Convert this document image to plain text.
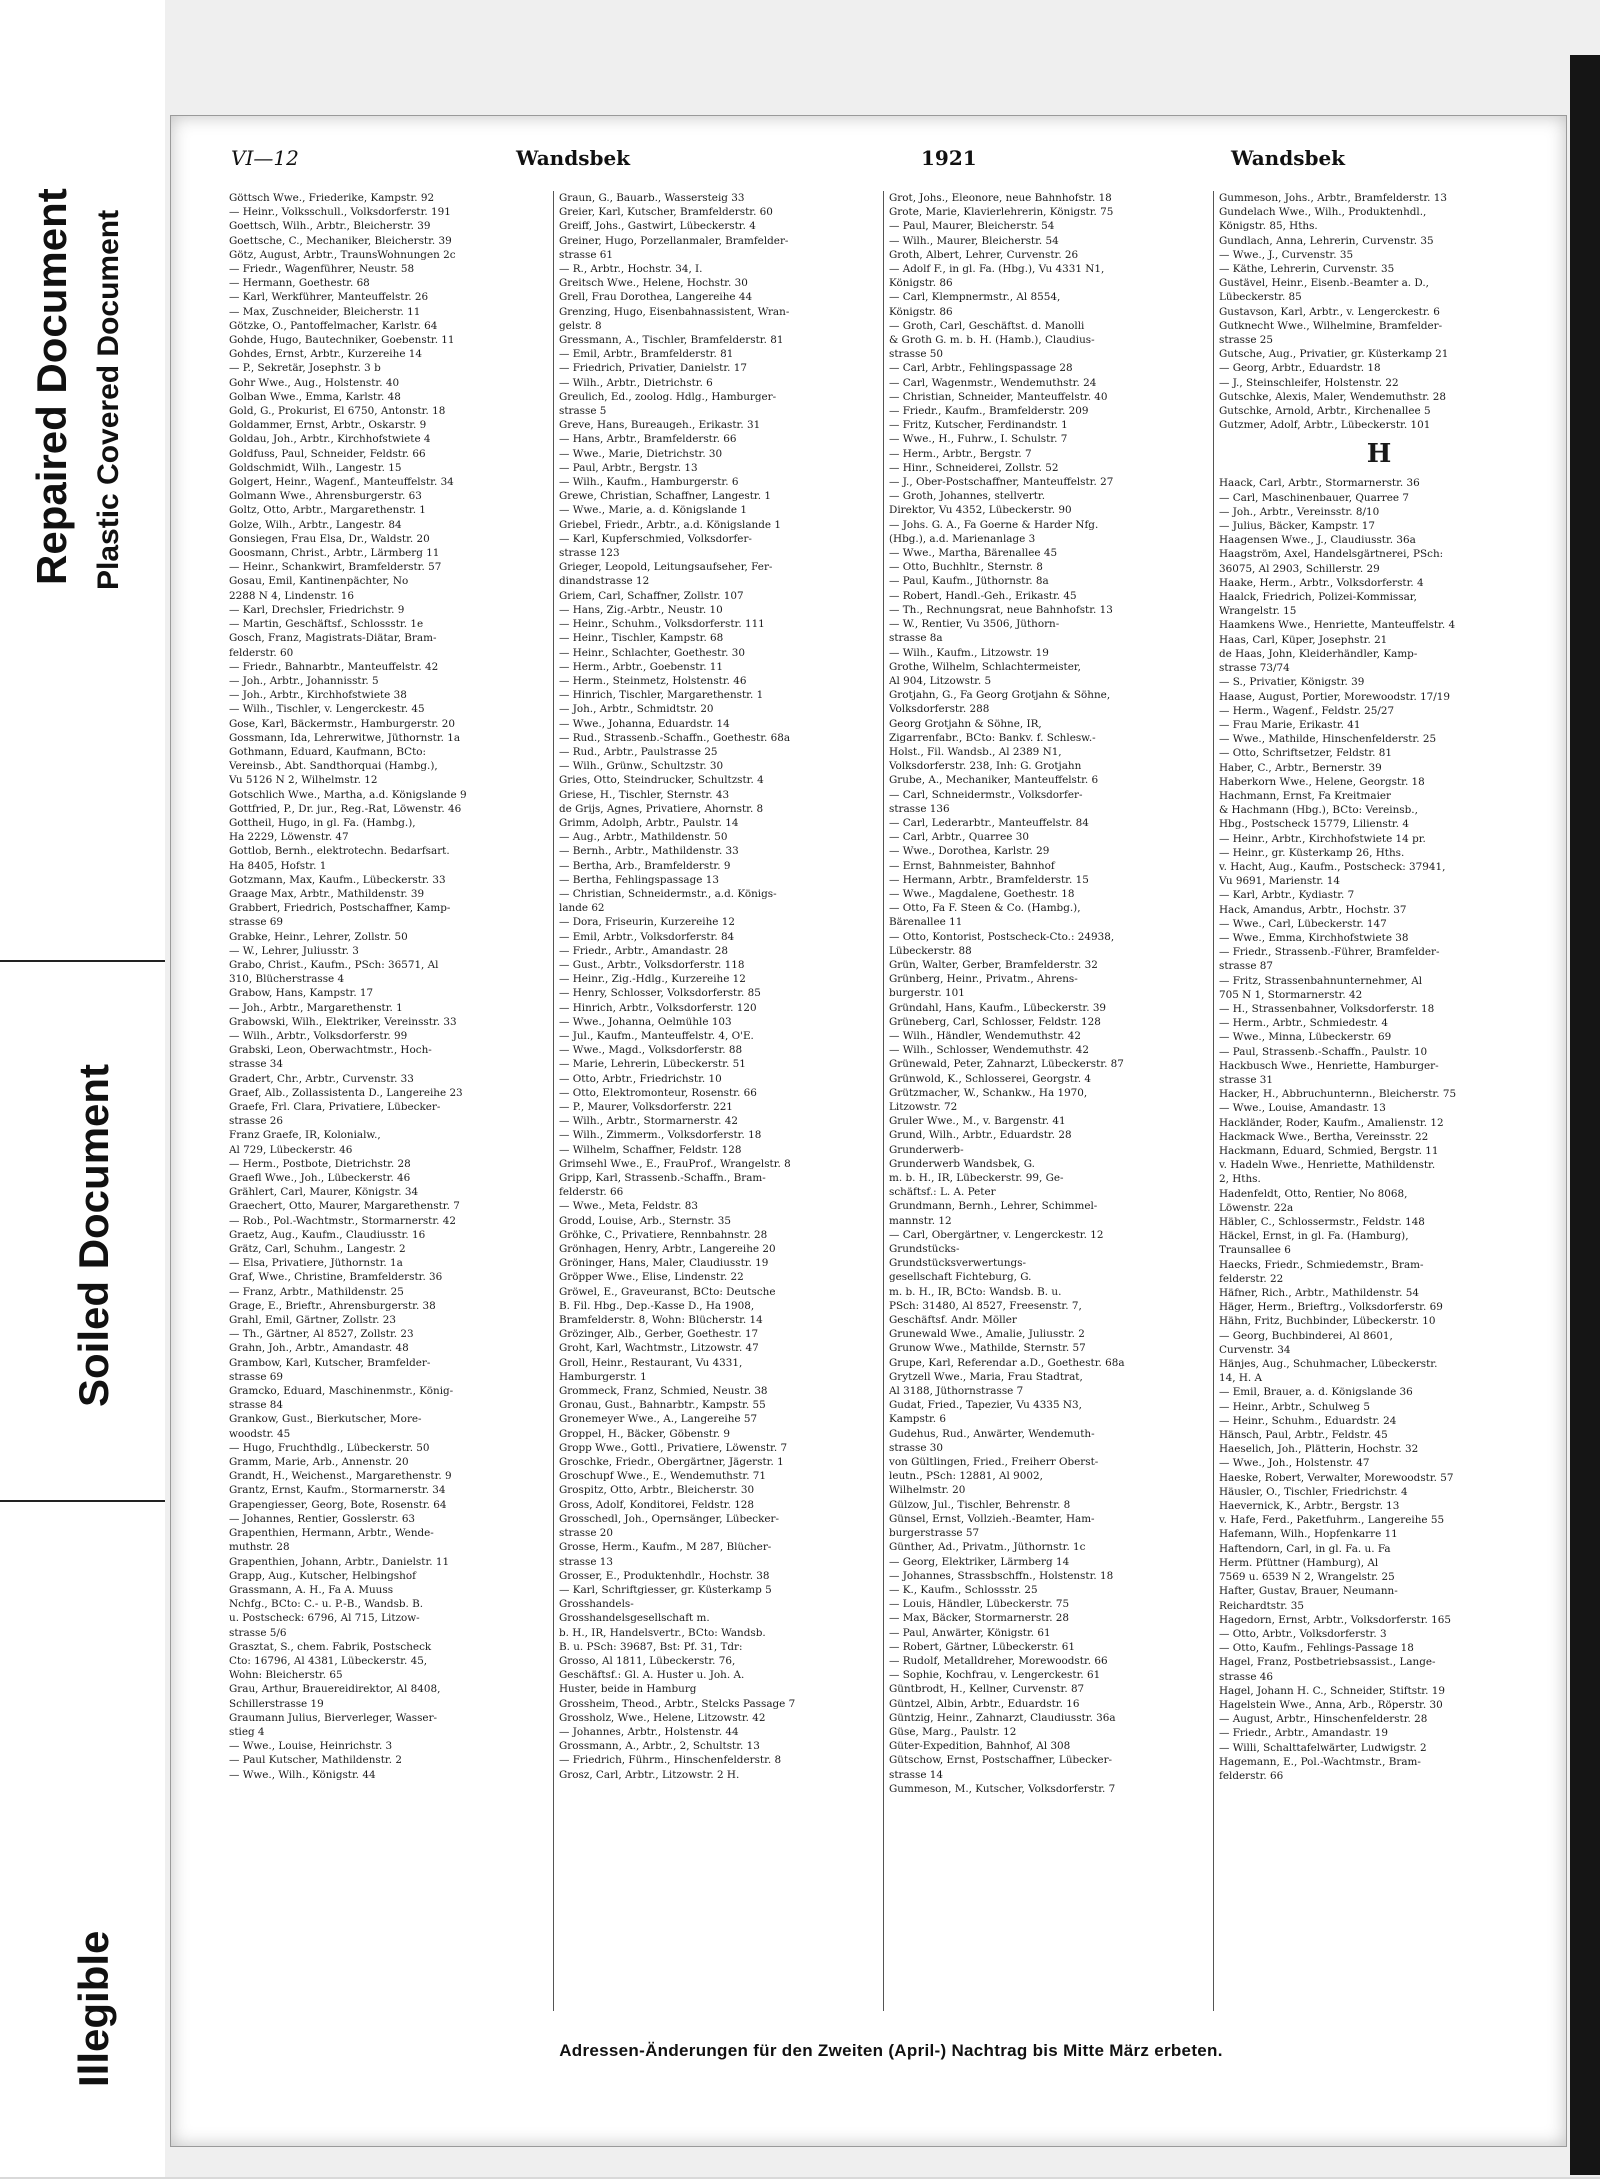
Illegible
Soiled Document
Repaired Document Plastic Covered Document
VI—12	Wandsbek	1921	Wandsbek
Göttsch Wwe., Friederike, Kampstr. 92
— Heinr., Volksschull., Volksdorferstr. 191
Goettsch, Wilh., Arbtr., Bleicherstr. 39
Goettsche, C., Mechaniker, Bleicherstr. 39
Götz, August, Arbtr., TraunsWohnungen 2c
— Friedr., Wagenführer, Neustr. 58
— Hermann, Goethestr. 68
— Karl, Werkführer, Manteuffelstr. 26
— Max, Zuschneider, Bleicherstr. 11
Götzke, O., Pantoffelmacher, Karlstr. 64
Gohde, Hugo, Bautechniker, Goebenstr. 11
Gohdes, Ernst, Arbtr., Kurzereihe 14
— P., Sekretär, Josephstr. 3 b
Gohr Wwe., Aug., Holstenstr. 40
Golban Wwe., Emma, Karlstr. 48
Gold, G., Prokurist, El 6750, Antonstr. 18
Goldammer, Ernst, Arbtr., Oskarstr. 9
Goldau, Joh., Arbtr., Kirchhofstwiete 4
Goldfuss, Paul, Schneider, Feldstr. 66
Goldschmidt, Wilh., Langestr. 15
Golgert, Heinr., Wagenf., Manteuffelstr. 34
Golmann Wwe., Ahrensburgerstr. 63
Goltz, Otto, Arbtr., Margarethenstr. 1
Golze, Wilh., Arbtr., Langestr. 84
Gonsiegen, Frau Elsa, Dr., Waldstr. 20
Goosmann, Christ., Arbtr., Lärmberg 11
— Heinr., Schankwirt, Bramfelderstr. 57
Gosau, Emil, Kantinenpächter, No
2288 N 4, Lindenstr. 16
— Karl, Drechsler, Friedrichstr. 9
— Martin, Geschäftsf., Schlossstr. 1e
Gosch, Franz, Magistrats-Diätar, Bram-
felderstr. 60
— Friedr., Bahnarbtr., Manteuffelstr. 42
— Joh., Arbtr., Johannisstr. 5
— Joh., Arbtr., Kirchhofstwiete 38
— Wilh., Tischler, v. Lengerckestr. 45
Gose, Karl, Bäckermstr., Hamburgerstr. 20
Gossmann, Ida, Lehrerwitwe, Jüthornstr. 1a
Gothmann, Eduard, Kaufmann, BCto:
Vereinsb., Abt. Sandthorquai (Hambg.),
Vu 5126 N 2, Wilhelmstr. 12
Gotschlich Wwe., Martha, a.d. Königslande 9
Gottfried, P., Dr. jur., Reg.-Rat, Löwenstr. 46
Gottheil, Hugo, in gl. Fa. (Hambg.),
Ha 2229, Löwenstr. 47
Gottlob, Bernh., elektrotechn. Bedarfsart.
Ha 8405, Hofstr. 1
Gotzmann, Max, Kaufm., Lübeckerstr. 33
Graage Max, Arbtr., Mathildenstr. 39
Grabbert, Friedrich, Postschaffner, Kamp-
strasse 69
Grabke, Heinr., Lehrer, Zollstr. 50
— W., Lehrer, Juliusstr. 3
Grabo, Christ., Kaufm., PSch: 36571, Al
310, Blücherstrasse 4
Grabow, Hans, Kampstr. 17
— Joh., Arbtr., Margarethenstr. 1
Grabowski, Wilh., Elektriker, Vereinsstr. 33
— Wilh., Arbtr., Volksdorferstr. 99
Grabski, Leon, Oberwachtmstr., Hoch-
strasse 34
Gradert, Chr., Arbtr., Curvenstr. 33
Graef, Alb., Zollassistenta D., Langereihe 23
Graefe, Frl. Clara, Privatiere, Lübecker-
strasse 26
Franz Graefe, IR, Kolonialw.,
Al 729, Lübeckerstr. 46
— Herm., Postbote, Dietrichstr. 28
Graefl Wwe., Joh., Lübeckerstr. 46
Grählert, Carl, Maurer, Königstr. 34
Graechert, Otto, Maurer, Margarethenstr. 7
— Rob., Pol.-Wachtmstr., Stormarnerstr. 42
Graetz, Aug., Kaufm., Claudiusstr. 16
Grätz, Carl, Schuhm., Langestr. 2
— Elsa, Privatiere, Jüthornstr. 1a
Graf, Wwe., Christine, Bramfelderstr. 36
— Franz, Arbtr., Mathildenstr. 25
Grage, E., Brieftr., Ahrensburgerstr. 38
Grahl, Emil, Gärtner, Zollstr. 23
— Th., Gärtner, Al 8527, Zollstr. 23
Grahn, Joh., Arbtr., Amandastr. 48
Grambow, Karl, Kutscher, Bramfelder-
strasse 69
Gramcko, Eduard, Maschinenmstr., König-
strasse 84
Grankow, Gust., Bierkutscher, More-
woodstr. 45
— Hugo, Fruchthdlg., Lübeckerstr. 50
Gramm, Marie, Arb., Annenstr. 20
Grandt, H., Weichenst., Margarethenstr. 9
Grantz, Ernst, Kaufm., Stormarnerstr. 34
Grapengiesser, Georg, Bote, Rosenstr. 64
— Johannes, Rentier, Gosslerstr. 63
Grapenthien, Hermann, Arbtr., Wende-
muthstr. 28
Grapenthien, Johann, Arbtr., Danielstr. 11
Grapp, Aug., Kutscher, Helbingshof
Grassmann, A. H., Fa A. Muuss
Nchfg., BCto: C.- u. P.-B., Wandsb. B.
u. Postscheck: 6796, Al 715, Litzow-
strasse 5/6
Grasztat, S., chem. Fabrik, Postscheck
Cto: 16796, Al 4381, Lübeckerstr. 45,
Wohn: Bleicherstr. 65
Grau, Arthur, Brauereidirektor, Al 8408,
Schillerstrasse 19
Graumann Julius, Bierverleger, Wasser-
stieg 4
— Wwe., Louise, Heinrichstr. 3
— Paul Kutscher, Mathildenstr. 2
— Wwe., Wilh., Königstr. 44
Graun, G., Bauarb., Wassersteig 33
Greier, Karl, Kutscher, Bramfelderstr. 60
Greiff, Johs., Gastwirt, Lübeckerstr. 4
Greiner, Hugo, Porzellanmaler, Bramfelder-
strasse 61
— R., Arbtr., Hochstr. 34, I.
Greitsch Wwe., Helene, Hochstr. 30
Grell, Frau Dorothea, Langereihe 44
Grenzing, Hugo, Eisenbahnassistent, Wran-
gelstr. 8
Gressmann, A., Tischler, Bramfelderstr. 81
— Emil, Arbtr., Bramfelderstr. 81
— Friedrich, Privatier, Danielstr. 17
— Wilh., Arbtr., Dietrichstr. 6
Greulich, Ed., zoolog. Hdlg., Hamburger-
strasse 5
Greve, Hans, Bureaugeh., Erikastr. 31
— Hans, Arbtr., Bramfelderstr. 66
— Wwe., Marie, Dietrichstr. 30
— Paul, Arbtr., Bergstr. 13
— Wilh., Kaufm., Hamburgerstr. 6
Grewe, Christian, Schaffner, Langestr. 1
— Wwe., Marie, a. d. Königslande 1
Griebel, Friedr., Arbtr., a.d. Königslande 1
— Karl, Kupferschmied, Volksdorfer-
strasse 123
Grieger, Leopold, Leitungsaufseher, Fer-
dinandstrasse 12
Griem, Carl, Schaffner, Zollstr. 107
— Hans, Zig.-Arbtr., Neustr. 10
— Heinr., Schuhm., Volksdorferstr. 111
— Heinr., Tischler, Kampstr. 68
— Heinr., Schlachter, Goethestr. 30
— Herm., Arbtr., Goebenstr. 11
— Herm., Steinmetz, Holstenstr. 46
— Hinrich, Tischler, Margarethenstr. 1
— Joh., Arbtr., Schmidtstr. 20
— Wwe., Johanna, Eduardstr. 14
— Rud., Strassenb.-Schaffn., Goethestr. 68a
— Rud., Arbtr., Paulstrasse 25
— Wilh., Grünw., Schultzstr. 30
Gries, Otto, Steindrucker, Schultzstr. 4
Griese, H., Tischler, Sternstr. 43
de Grijs, Agnes, Privatiere, Ahornstr. 8
Grimm, Adolph, Arbtr., Paulstr. 14
— Aug., Arbtr., Mathildenstr. 50
— Bernh., Arbtr., Mathildenstr. 33
— Bertha, Arb., Bramfelderstr. 9
— Bertha, Fehlingspassage 13
— Christian, Schneidermstr., a.d. Königs-
lande 62
— Dora, Friseurin, Kurzereihe 12
— Emil, Arbtr., Volksdorferstr. 84
— Friedr., Arbtr., Amandastr. 28
— Gust., Arbtr., Volksdorferstr. 118
— Heinr., Zig.-Hdlg., Kurzereihe 12
— Henry, Schlosser, Volksdorferstr. 85
— Hinrich, Arbtr., Volksdorferstr. 120
— Wwe., Johanna, Oelmühle 103
— Jul., Kaufm., Manteuffelstr. 4, O'E.
— Wwe., Magd., Volksdorferstr. 88
— Marie, Lehrerin, Lübeckerstr. 51
— Otto, Arbtr., Friedrichstr. 10
— Otto, Elektromonteur, Rosenstr. 66
— P., Maurer, Volksdorferstr. 221
— Wilh., Arbtr., Stormarnerstr. 42
— Wilh., Zimmerm., Volksdorferstr. 18
— Wilhelm, Schaffner, Feldstr. 128
Grimsehl Wwe., E., FrauProf., Wrangelstr. 8
Gripp, Karl, Strassenb.-Schaffn., Bram-
felderstr. 66
— Wwe., Meta, Feldstr. 83
Grodd, Louise, Arb., Sternstr. 35
Gröhke, C., Privatiere, Rennbahnstr. 28
Grönhagen, Henry, Arbtr., Langereihe 20
Gröninger, Hans, Maler, Claudiusstr. 19
Gröpper Wwe., Elise, Lindenstr. 22
Gröwel, E., Graveuranst, BCto: Deutsche
B. Fil. Hbg., Dep.-Kasse D., Ha 1908,
Bramfelderstr. 8, Wohn: Blücherstr. 14
Grözinger, Alb., Gerber, Goethestr. 17
Groht, Karl, Wachtmstr., Litzowstr. 47
Groll, Heinr., Restaurant, Vu 4331,
Hamburgerstr. 1
Grommeck, Franz, Schmied, Neustr. 38
Gronau, Gust., Bahnarbtr., Kampstr. 55
Gronemeyer Wwe., A., Langereihe 57
Groppel, H., Bäcker, Göbenstr. 9
Gropp Wwe., Gottl., Privatiere, Löwenstr. 7
Groschke, Friedr., Obergärtner, Jägerstr. 1
Groschupf Wwe., E., Wendemuthstr. 71
Grospitz, Otto, Arbtr., Bleicherstr. 30
Gross, Adolf, Konditorei, Feldstr. 128
Grosschedl, Joh., Opernsänger, Lübecker-
strasse 20
Grosse, Herm., Kaufm., M 287, Blücher-
strasse 13
Grosser, E., Produktenhdlr., Hochstr. 38
— Karl, Schriftgiesser, gr. Küsterkamp 5
Grosshandels-
Grosshandelsgesellschaft m.
b. H., IR, Handelsvertr., BCto: Wandsb.
B. u. PSch: 39687, Bst: Pf. 31, Tdr:
Grosso, Al 1811, Lübeckerstr. 76,
Geschäftsf.: Gl. A. Huster u. Joh. A.
Huster, beide in Hamburg
Grossheim, Theod., Arbtr., Stelcks Passage 7
Grossholz, Wwe., Helene, Litzowstr. 42
— Johannes, Arbtr., Holstenstr. 44
Grossmann, A., Arbtr., 2, Schultstr. 13
— Friedrich, Führm., Hinschenfelderstr. 8
Grosz, Carl, Arbtr., Litzowstr. 2 H.
Grot, Johs., Eleonore, neue Bahnhofstr. 18
Grote, Marie, Klavierlehrerin, Königstr. 75
— Paul, Maurer, Bleicherstr. 54
— Wilh., Maurer, Bleicherstr. 54
Groth, Albert, Lehrer, Curvenstr. 26
— Adolf F., in gl. Fa. (Hbg.), Vu 4331 N1,
Königstr. 86
— Carl, Klempnermstr., Al 8554,
Königstr. 86
— Groth, Carl, Geschäftst. d. Manolli
& Groth G. m. b. H. (Hamb.), Claudius-
strasse 50
— Carl, Arbtr., Fehlingspassage 28
— Carl, Wagenmstr., Wendemuthstr. 24
— Christian, Schneider, Manteuffelstr. 40
— Friedr., Kaufm., Bramfelderstr. 209
— Fritz, Kutscher, Ferdinandstr. 1
— Wwe., H., Fuhrw., I. Schulstr. 7
— Herm., Arbtr., Bergstr. 7
— Hinr., Schneiderei, Zollstr. 52
— J., Ober-Postschaffner, Manteuffelstr. 27
— Groth, Johannes, stellvertr.
Direktor, Vu 4352, Lübeckerstr. 90
— Johs. G. A., Fa Goerne & Harder Nfg.
(Hbg.), a.d. Marienanlage 3
— Wwe., Martha, Bärenallee 45
— Otto, Buchhltr., Sternstr. 8
— Paul, Kaufm., Jüthornstr. 8a
— Robert, Handl.-Geh., Erikastr. 45
— Th., Rechnungsrat, neue Bahnhofstr. 13
— W., Rentier, Vu 3506, Jüthorn-
strasse 8a
— Wilh., Kaufm., Litzowstr. 19
Grothe, Wilhelm, Schlachtermeister,
Al 904, Litzowstr. 5
Grotjahn, G., Fa Georg Grotjahn & Söhne,
Volksdorferstr. 288
Georg Grotjahn & Söhne, IR,
Zigarrenfabr., BCto: Bankv. f. Schlesw.-
Holst., Fil. Wandsb., Al 2389 N1,
Volksdorferstr. 238, Inh: G. Grotjahn
Grube, A., Mechaniker, Manteuffelstr. 6
— Carl, Schneidermstr., Volksdorfer-
strasse 136
— Carl, Lederarbtr., Manteuffelstr. 84
— Carl, Arbtr., Quarree 30
— Wwe., Dorothea, Karlstr. 29
— Ernst, Bahnmeister, Bahnhof
— Hermann, Arbtr., Bramfelderstr. 15
— Wwe., Magdalene, Goethestr. 18
— Otto, Fa F. Steen & Co. (Hambg.),
Bärenallee 11
— Otto, Kontorist, Postscheck-Cto.: 24938,
Lübeckerstr. 88
Grün, Walter, Gerber, Bramfelderstr. 32
Grünberg, Heinr., Privatm., Ahrens-
burgerstr. 101
Gründahl, Hans, Kaufm., Lübeckerstr. 39
Grüneberg, Carl, Schlosser, Feldstr. 128
— Wilh., Händler, Wendemuthstr. 42
— Wilh., Schlosser, Wendemuthstr. 42
Grünewald, Peter, Zahnarzt, Lübeckerstr. 87
Grünwold, K., Schlosserei, Georgstr. 4
Grützmacher, W., Schankw., Ha 1970,
Litzowstr. 72
Gruler Wwe., M., v. Bargenstr. 41
Grund, Wilh., Arbtr., Eduardstr. 28
Grunderwerb-
Grunderwerb Wandsbek, G.
m. b. H., IR, Lübeckerstr. 99, Ge-
schäftsf.: L. A. Peter
Grundmann, Bernh., Lehrer, Schimmel-
mannstr. 12
— Carl, Obergärtner, v. Lengerckestr. 12
Grundstücks-
Grundstücksverwertungs-
gesellschaft Fichteburg, G.
m. b. H., IR, BCto: Wandsb. B. u.
PSch: 31480, Al 8527, Freesenstr. 7,
Geschäftsf. Andr. Möller
Grunewald Wwe., Amalie, Juliusstr. 2
Grunow Wwe., Mathilde, Sternstr. 57
Grupe, Karl, Referendar a.D., Goethestr. 68a
Grytzell Wwe., Maria, Frau Stadtrat,
Al 3188, Jüthornstrasse 7
Gudat, Fried., Tapezier, Vu 4335 N3,
Kampstr. 6
Gudehus, Rud., Anwärter, Wendemuth-
strasse 30
von Gültlingen, Fried., Freiherr Oberst-
leutn., PSch: 12881, Al 9002,
Wilhelmstr. 20
Gülzow, Jul., Tischler, Behrenstr. 8
Günsel, Ernst, Vollzieh.-Beamter, Ham-
burgerstrasse 57
Günther, Ad., Privatm., Jüthornstr. 1c
— Georg, Elektriker, Lärmberg 14
— Johannes, Strassbschffn., Holstenstr. 18
— K., Kaufm., Schlossstr. 25
— Louis, Händler, Lübeckerstr. 75
— Max, Bäcker, Stormarnerstr. 28
— Paul, Anwärter, Königstr. 61
— Robert, Gärtner, Lübeckerstr. 61
— Rudolf, Metalldreher, Morewoodstr. 66
— Sophie, Kochfrau, v. Lengerckestr. 61
Güntbrodt, H., Kellner, Curvenstr. 87
Güntzel, Albin, Arbtr., Eduardstr. 16
Güntzig, Heinr., Zahnarzt, Claudiusstr. 36a
Güse, Marg., Paulstr. 12
Güter-Expedition, Bahnhof, Al 308
Gütschow, Ernst, Postschaffner, Lübecker-
strasse 14
Gummeson, M., Kutscher, Volksdorferstr. 7
Gummeson, Johs., Arbtr., Bramfelderstr. 13
Gundelach Wwe., Wilh., Produktenhdl.,
Königstr. 85, Hths.
Gundlach, Anna, Lehrerin, Curvenstr. 35
— Wwe., J., Curvenstr. 35
— Käthe, Lehrerin, Curvenstr. 35
Gustävel, Heinr., Eisenb.-Beamter a. D.,
Lübeckerstr. 85
Gustavson, Karl, Arbtr., v. Lengerckestr. 6
Gutknecht Wwe., Wilhelmine, Bramfelder-
strasse 25
Gutsche, Aug., Privatier, gr. Küsterkamp 21
— Georg, Arbtr., Eduardstr. 18
— J., Steinschleifer, Holstenstr. 22
Gutschke, Alexis, Maler, Wendemuthstr. 28
Gutschke, Arnold, Arbtr., Kirchenallee 5
Gutzmer, Adolf, Arbtr., Lübeckerstr. 101
H
Haack, Carl, Arbtr., Stormarnerstr. 36
— Carl, Maschinenbauer, Quarree 7
— Joh., Arbtr., Vereinsstr. 8/10
— Julius, Bäcker, Kampstr. 17
Haagensen Wwe., J., Claudiusstr. 36a
Haagström, Axel, Handelsgärtnerei, PSch:
36075, Al 2903, Schillerstr. 29
Haake, Herm., Arbtr., Volksdorferstr. 4
Haalck, Friedrich, Polizei-Kommissar,
Wrangelstr. 15
Haamkens Wwe., Henriette, Manteuffelstr. 4
Haas, Carl, Küper, Josephstr. 21
de Haas, John, Kleiderhändler, Kamp-
strasse 73/74
— S., Privatier, Königstr. 39
Haase, August, Portier, Morewoodstr. 17/19
— Herm., Wagenf., Feldstr. 25/27
— Frau Marie, Erikastr. 41
— Wwe., Mathilde, Hinschenfelderstr. 25
— Otto, Schriftsetzer, Feldstr. 81
Haber, C., Arbtr., Bernerstr. 39
Haberkorn Wwe., Helene, Georgstr. 18
Hachmann, Ernst, Fa Kreitmaier
& Hachmann (Hbg.), BCto: Vereinsb.,
Hbg., Postscheck 15779, Lilienstr. 4
— Heinr., Arbtr., Kirchhofstwiete 14 pr.
— Heinr., gr. Küsterkamp 26, Hths.
v. Hacht, Aug., Kaufm., Postscheck: 37941,
Vu 9691, Marienstr. 14
— Karl, Arbtr., Kydiastr. 7
Hack, Amandus, Arbtr., Hochstr. 37
— Wwe., Carl, Lübeckerstr. 147
— Wwe., Emma, Kirchhofstwiete 38
— Friedr., Strassenb.-Führer, Bramfelder-
strasse 87
— Fritz, Strassenbahnunternehmer, Al
705 N 1, Stormarnerstr. 42
— H., Strassenbahner, Volksdorferstr. 18
— Herm., Arbtr., Schmiedestr. 4
— Wwe., Minna, Lübeckerstr. 69
— Paul, Strassenb.-Schaffn., Paulstr. 10
Hackbusch Wwe., Henriette, Hamburger-
strasse 31
Hacker, H., Abbruchunternn., Bleicherstr. 75
— Wwe., Louise, Amandastr. 13
Hackländer, Roder, Kaufm., Amalienstr. 12
Hackmack Wwe., Bertha, Vereinsstr. 22
Hackmann, Eduard, Schmied, Bergstr. 11
v. Hadeln Wwe., Henriette, Mathildenstr.
2, Hths.
Hadenfeldt, Otto, Rentier, No 8068,
Löwenstr. 22a
Häbler, C., Schlossermstr., Feldstr. 148
Häckel, Ernst, in gl. Fa. (Hamburg),
Traunsallee 6
Haecks, Friedr., Schmiedemstr., Bram-
felderstr. 22
Häfner, Rich., Arbtr., Mathildenstr. 54
Häger, Herm., Brieftrg., Volksdorferstr. 69
Hähn, Fritz, Buchbinder, Lübeckerstr. 10
— Georg, Buchbinderei, Al 8601,
Curvenstr. 34
Hänjes, Aug., Schuhmacher, Lübeckerstr.
14, H. A
— Emil, Brauer, a. d. Königslande 36
— Heinr., Arbtr., Schulweg 5
— Heinr., Schuhm., Eduardstr. 24
Hänsch, Paul, Arbtr., Feldstr. 45
Haeselich, Joh., Plätterin, Hochstr. 32
— Wwe., Joh., Holstenstr. 47
Haeske, Robert, Verwalter, Morewoodstr. 57
Häusler, O., Tischler, Friedrichstr. 4
Haevernick, K., Arbtr., Bergstr. 13
v. Hafe, Ferd., Paketfuhrm., Langereihe 55
Hafemann, Wilh., Hopfenkarre 11
Haftendorn, Carl, in gl. Fa. u. Fa
Herm. Pfüttner (Hamburg), Al
7569 u. 6539 N 2, Wrangelstr. 25
Hafter, Gustav, Brauer, Neumann-
Reichardtstr. 35
Hagedorn, Ernst, Arbtr., Volksdorferstr. 165
— Otto, Arbtr., Volksdorferstr. 3
— Otto, Kaufm., Fehlings-Passage 18
Hagel, Franz, Postbetriebsassist., Lange-
strasse 46
Hagel, Johann H. C., Schneider, Stiftstr. 19
Hagelstein Wwe., Anna, Arb., Röperstr. 30
— August, Arbtr., Hinschenfelderstr. 28
— Friedr., Arbtr., Amandastr. 19
— Willi, Schalttafelwärter, Ludwigstr. 2
Hagemann, E., Pol.-Wachtmstr., Bram-
felderstr. 66
Adressen-Änderungen für den Zweiten (April-) Nachtrag bis Mitte März erbeten.
